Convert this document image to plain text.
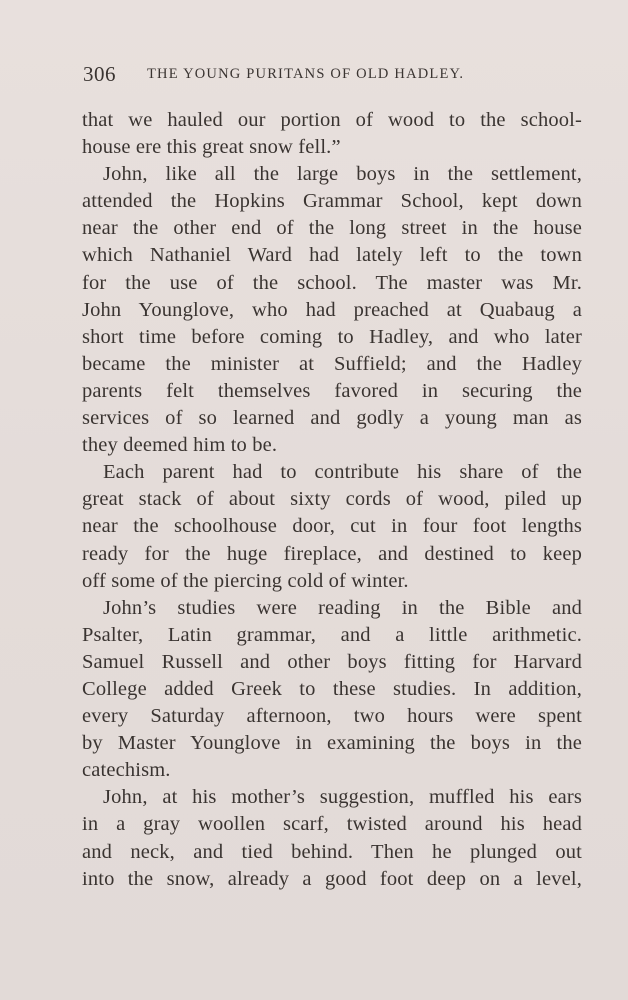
306 THE YOUNG PURITANS OF OLD HADLEY.
that we hauled our portion of wood to the school-
house ere this great snow fell.”
John, like all the large boys in the settlement,
attended the Hopkins Grammar School, kept down
near the other end of the long street in the house
which Nathaniel Ward had lately left to the town
for the use of the school. The master was Mr.
John Younglove, who had preached at Quabaug a
short time before coming to Hadley, and who later
became the minister at Suffield; and the Hadley
parents felt themselves favored in securing the
services of so learned and godly a young man as
they deemed him to be.
Each parent had to contribute his share of the
great stack of about sixty cords of wood, piled up
near the schoolhouse door, cut in four foot lengths
ready for the huge fireplace, and destined to keep
off some of the piercing cold of winter.
John’s studies were reading in the Bible and
Psalter, Latin grammar, and a little arithmetic.
Samuel Russell and other boys fitting for Harvard
College added Greek to these studies. In addition,
every Saturday afternoon, two hours were spent
by Master Younglove in examining the boys in the
catechism.
John, at his mother’s suggestion, muffled his ears
in a gray woollen scarf, twisted around his head
and neck, and tied behind. Then he plunged out
into the snow, already a good foot deep on a level,
